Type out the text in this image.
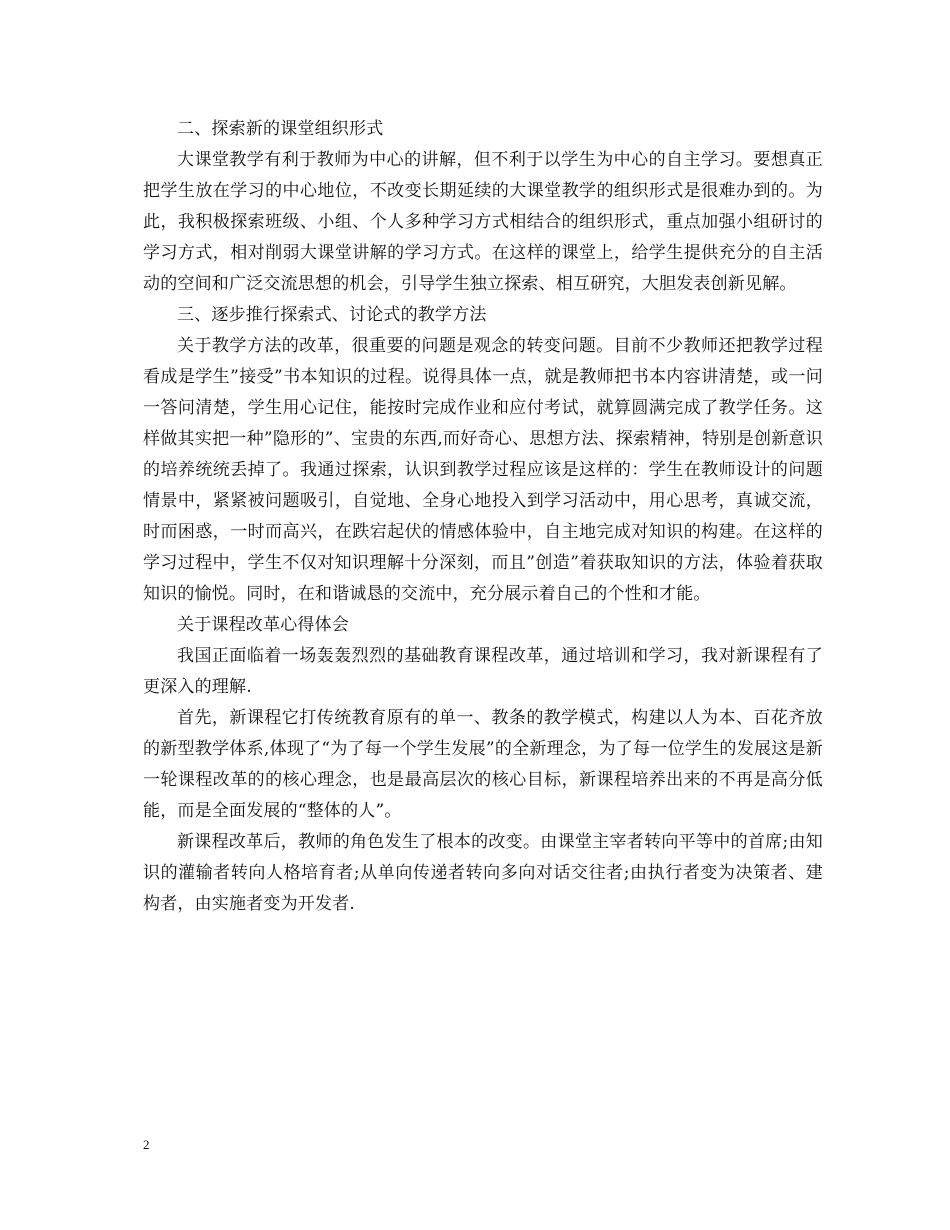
二、探索新的课堂组织形式

大课堂教学有利于教师为中心的讲解，但不利于以学生为中心的自主学习。要想真正把学生放在学习的中心地位，不改变长期延续的大课堂教学的组织形式是很难办到的。为此，我积极探索班级、小组、个人多种学习方式相结合的组织形式，重点加强小组研讨的学习方式，相对削弱大课堂讲解的学习方式。在这样的课堂上，给学生提供充分的自主活动的空间和广泛交流思想的机会，引导学生独立探索、相互研究，大胆发表创新见解。

三、逐步推行探索式、讨论式的教学方法

关于教学方法的改革，很重要的问题是观念的转变问题。目前不少教师还把教学过程看成是学生”接受”书本知识的过程。说得具体一点，就是教师把书本内容讲清楚，或一问一答问清楚，学生用心记住，能按时完成作业和应付考试，就算圆满完成了教学任务。这样做其实把一种”隐形的”、宝贵的东西,而好奇心、思想方法、探索精神，特别是创新意识的培养统统丢掉了。我通过探索，认识到教学过程应该是这样的：学生在教师设计的问题情景中，紧紧被问题吸引，自觉地、全身心地投入到学习活动中，用心思考，真诚交流，时而困惑，一时而高兴，在跌宕起伏的情感体验中，自主地完成对知识的构建。在这样的学习过程中，学生不仅对知识理解十分深刻，而且”创造”着获取知识的方法，体验着获取知识的愉悦。同时，在和谐诚恳的交流中，充分展示着自己的个性和才能。

关于课程改革心得体会

我国正面临着一场轰轰烈烈的基础教育课程改革，通过培训和学习，我对新课程有了更深入的理解.

首先，新课程它打传统教育原有的单一、教条的教学模式，构建以人为本、百花齐放的新型教学体系,体现了“为了每一个学生发展”的全新理念，为了每一位学生的发展这是新一轮课程改革的的核心理念，也是最高层次的核心目标，新课程培养出来的不再是高分低能，而是全面发展的“整体的人”。

新课程改革后，教师的角色发生了根本的改变。由课堂主宰者转向平等中的首席;由知识的灌输者转向人格培育者;从单向传递者转向多向对话交往者;由执行者变为决策者、建构者，由实施者变为开发者.

2
